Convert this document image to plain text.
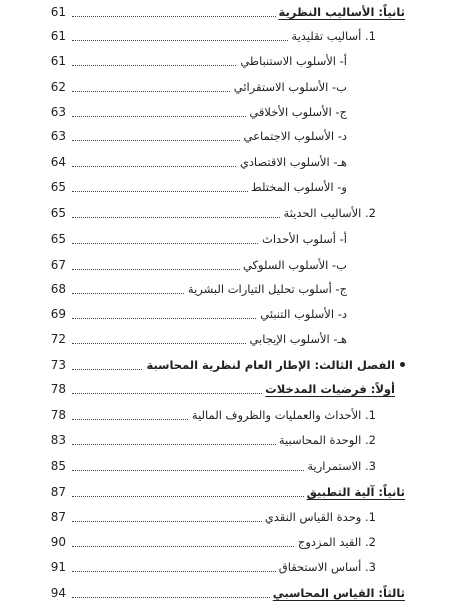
61	ثانياً: الأساليب النظرية
61	1. أساليب تقليدية
61	أ- الأسلوب الاستنباطي
62	ب- الأسلوب الاستقرائي
63	ج- الأسلوب الأخلاقي
63	د- الأسلوب الاجتماعي
64	هـ- الأسلوب الاقتصادي
65	و- الأسلوب المختلط
65	2. الأساليب الحديثة
65	أ- أسلوب الأحداث
67	ب- الأسلوب السلوكي
68	ج- أسلوب تحليل التيارات البشرية
69	د- الأسلوب التنبئي
72	هـ- الأسلوب الإيجابي
73	الفصل الثالث: الإطار العام لنظرية المحاسبة
78	أولاً: فرضيات المدخلات
78	1. الأحداث والعمليات والظروف المالية
83	2. الوحدة المحاسبية
85	3. الاستمرارية
87	ثانياً: آلية التطبيق
87	1. وحدة القياس النقدي
90	2. القيد المزدوج
91	3. أساس الاستحقاق
94	ثالثاً: القياس المحاسبي
